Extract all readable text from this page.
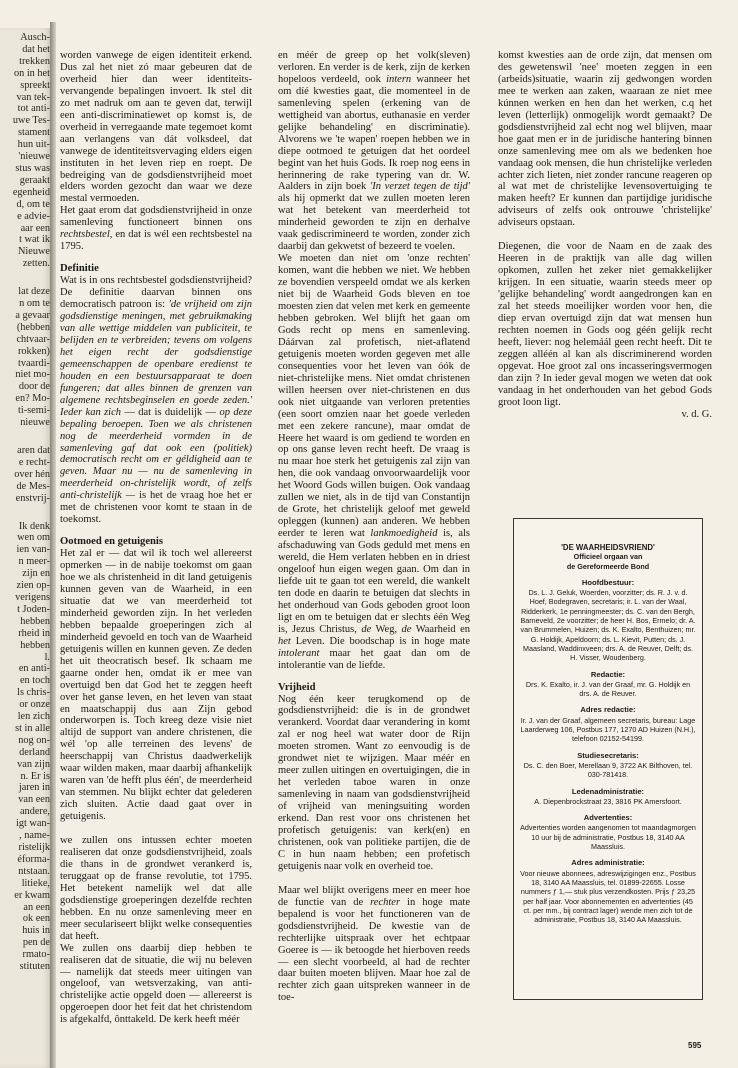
Ausch-
dat het
trekken
on in het
spreekt
van tek-
tot anti-
uwe Tes-
stament
hun uit-
'nieuwe
stus was
geraakt
egenheid
d, om te
e advie-
aar een
t wat ik
Nieuwe
zetten.

lat deze
n om te
a gevaar
(hebben
chtvaar-
rokken)
tvaardi-
niet mo-
door de
en? Mo-
ti-semi-
nieuwe

aren dat
e recht-
over hén
de Mes-
enstvrij-

Ik denk
wen om
ien van-
n meer-
zijn en
zien op-
verigens
t Joden-
hebben
rheid in
hebben
l.
en anti-
en toch
ls chris-
or onze
len zich
st in alle
nog on-
derland
van zijn
n. Er is
jaren in
van een
andere,
igt wan-
, name-
ristelijk
éforma-
ntstaan.
litieke,
er kwam
an een
ok een
huis in
pen de
rmato-
stituten

worden vanwege de eigen identiteit erkend. Dus zal het niet zó maar gebeuren dat de overheid hier dan weer identiteits- vervangende bepalingen invoert. Ik stel dit zo met nadruk om aan te geven dat, terwijl een anti-discriminatiewet op komst is, de overheid in verregaande mate tegemoet komt aan verlangens van dát volksdeel, dat vanwege de identiteitsvervaging elders eigen instituten in het leven riep en roept. De bedreiging van de godsdienstvrijheid moet elders worden gezocht dan waar we deze mestal vermoeden.

Het gaat erom dat godsdienstvrijheid in onze samenleving functioneert binnen ons rechtsbestel, en dat is wél een rechtsbestel na 1795.

Definitie

Wat is in ons rechtsbestel godsdienstvrijheid? De definitie daarvan binnen ons democratisch patroon is: 'de vrijheid om zijn godsdienstige meningen, met gebruikmaking van alle wettige middelen van publiciteit, te belijden en te verbreiden; tevens om volgens het eigen recht der godsdienstige gemeenschappen de openbare eredienst te houden en een bestuursapparaat te doen fungeren; dat alles binnen de grenzen van algemene rechtsbeginselen en goede zeden.' Ieder kan zich — dat is duidelijk — op deze bepaling beroepen. Toen we als christenen nog de meerderheid vormden in de samenleving gaf dat ook een (politiek) democratisch recht om er géldigheid aan te geven. Maar nu — nu de samenleving in meerderheid on-christelijk wordt, of zelfs anti-christelijk — is het de vraag hoe het er met de christenen voor komt te staan in de toekomst.

Ootmoed en getuigenis

Het zal er — dat wil ik toch wel allereerst opmerken — in de nabije toekomst om gaan hoe we als christenheid in dit land getuigenis kunnen geven van de Waarheid, in een situatie dat we van meerderheid tot minderheid geworden zijn. In het verleden hebben bepaalde groeperingen zich al minderheid gevoeld en toch van de Waarheid getuigenis willen en kunnen geven. Ze deden het uit theocratisch besef. Ik schaam me gaarne onder hen, omdat ik er mee van overtuigd ben dat God het te zeggen heeft over het ganse leven, en het leven van staat en maatschappij dus aan Zijn gebod onderworpen is. Toch kreeg deze visie niet altijd de support van andere christenen, die wél 'op alle terreinen des levens' de heerschappij van Christus daadwerkelijk waar wilden maken, maar daarbij afhankelijk waren van 'de hefft plus één', de meerderheid van stemmen. Nu blijkt echter dat gelederen zich sluiten. Actie daad gaat over in getuigenis.

we zullen ons intussen echter moeten realiseren dat onze godsdienstvrijheid, zoals die thans in de grondwet verankerd is, teruggaat op de franse revolutie, tot 1795. Het betekent namelijk wel dat alle godsdienstige groeperingen dezelfde rechten hebben. En nu onze samenleving meer en meer seculariseert blijkt welke consequenties dat heeft.

We zullen ons daarbij diep hebben te realiseren dat de situatie, die wij nu beleven — namelijk dat steeds meer uitingen van ongeloof, van wetsverzaking, van anti-christelijke actie opgeld doen — allereerst is opgeroepen door het feit dat het christendom is afgekalfd, ônttakeld. De kerk heeft méér

en méér de greep op het volk(sleven) verloren. En verder is de kerk, zijn de kerken hopeloos verdeeld, ook intern wanneer het om díé kwesties gaat, die momenteel in de samenleving spelen (erkening van de wettigheid van abortus, euthanasie en verder gelijke behandeling' en discriminatie). Alvorens we 'te wapen' roepen hebben we in diepe ootmoed te getuigen dat het oordeel begint van het huis Gods. Ik roep nog eens in herinnering de rake typering van dr. W. Aalders in zijn boek 'In verzet tegen de tijd' als hij opmerkt dat we zullen moeten leren wat het betekent van meerderheid tot minderheid geworden te zijn en derhalve vaak gediscrimineerd te worden, zonder zich daarbij dan gekwetst of bezeerd te voelen.

We moeten dan niet om 'onze rechten' komen, want die hebben we niet. We hebben ze bovendien verspeeld omdat we als kerken niet bij de Waarheid Gods bleven en toe moesten zien dat velen met kerk en gemeente hebben gebroken. Wel blijft het gaan om Gods recht op mens en samenleving. Dáárvan zal profetisch, niet-aflatend getuigenis moeten worden gegeven met alle consequenties voor het leven van óók de niet-christelijke mens. Niet omdat christenen willen heersen over niet-christenen en dus ook niet uitgaande van verloren pretenties (een soort omzien naar het goede verleden met een zekere rancune), maar omdat de Heere het waard is om gediend te worden en op ons ganse leven recht heeft. De vraag is nu maar hoe sterk het getuigenis zal zijn van hen, die ook vandaag onvoorwaardelijk voor het Woord Gods willen buigen. Ook vandaag zullen we niet, als in de tijd van Constantijn de Grote, het christelijk geloof met geweld opleggen (kunnen) aan anderen. We hebben eerder te leren wat lankmoedigheid is, als afschaduwing van Gods geduld met mens en wereld, die Hem verlaten hebben en in driest ongeloof hun eigen wegen gaan. Om dan in liefde uit te gaan tot een wereld, die wankelt ten dode en daarin te betuigen dat slechts in het onderhoud van Gods geboden groot loon ligt en om te betuigen dat er slechts één Weg is, Jezus Christus, de Weg, de Waarheid en het Leven. Die boodschap is in hoge mate intolerant maar het gaat dan om de intolerantie van de liefde.

Vrijheid

Nog één keer terugkomend op de godsdienstvrijheid: die is in de grondwet verankerd. Voordat daar verandering in komt zal er nog heel wat water door de Rijn moeten stromen. Want zo eenvoudig is de grondwet niet te wijzigen. Maar méér en meer zullen uitingen en overtuigingen, die in het verleden taboe waren in onze samenleving in naam van godsdienstvrijheid of vrijheid van meningsuiting worden erkend. Dan rest voor ons christenen het profetisch getuigenis: van kerk(en) en christenen, ook van politieke partijen, die de C in hun naam hebben; een profetisch getuigenis naar volk en overheid toe.

Maar wel blijkt overigens meer en meer hoe de functie van de rechter in hoge mate bepalend is voor het functioneren van de godsdienstvrijheid. De kwestie van de rechterlijke uitspraak over het echtpaar Goeree is — ik betoogde het hierboven reeds — een slecht voorbeeld, al had de rechter daar buiten moeten blijven. Maar hoe zal de rechter zich gaan uitspreken wanneer in de toe-

komst kwesties aan de orde zijn, dat mensen om des gewetenswil 'nee' moeten zeggen in een (arbeids)situatie, waarin zij gedwongen worden mee te werken aan zaken, waaraan ze niet mee kúnnen werken en hen dan het werken, c.q het leven (letterlijk) onmogelijk wordt gemaakt? De godsdienstvrijheid zal echt nog wel blijven, maar hoe gaat men er in de juridische hantering binnen onze samenleving mee om als we bedenken hoe vandaag ook mensen, die hun christelijke verleden achter zich lieten, niet zonder rancune reageren op al wat met de christelijke levensovertuiging te maken heeft? Er kunnen dan partijdige juridische adviseurs of zelfs ook ontrouwe 'christelijke' adviseurs opstaan.

Diegenen, die voor de Naam en de zaak des Heeren in de praktijk van alle dag willen opkomen, zullen het zeker niet gemakkelijker krijgen. In een situatie, waarin steeds meer op 'gelijke behandeling' wordt aangedrongen kan en zal het steeds moeilijker worden voor hen, die diep ervan overtuigd zijn dat wat mensen hun rechten noemen in Gods oog géén gelijk recht heeft, liever: nog helemáál geen recht heeft. Dit te zeggen alléén al kan als discriminerend worden opgevat. Hoe groot zal ons incasseringsvermogen dan zijn ? In ieder geval mogen we weten dat ook vandaag in het onderhouden van het gebod Gods groot loon ligt.

v. d. G.

'DE WAARHEIDSVRIEND'

Officieel orgaan van

de Gereformeerde Bond

Hoofdbestuur:

Ds. L. J. Geluk, Woerden, voorzitter; ds. R. J. v. d. Hoef, Bodegraven, secretaris; ir. L. van der Waal, Ridderkerk, 1e penningmeester; ds. C. van den Bergh, Barneveld, 2e voorzitter; de heer H. Bos, Ermelo; dr. A. van Brummelen, Huizen; ds. K. Exalto, Benthuizen; mr. G. Holdijk, Apeldoorn; ds. L. Kievit, Putten; ds. J. Maasland, Waddinxveen; drs. A. de Reuver, Delft; ds. H. Visser, Woudenberg.

Redactie:

Drs. K. Exalto, ir. J. van der Graaf, mr. G. Holdijk en drs. A. de Reuver.

Adres redactie:

Ir. J. van der Graaf, algemeen secretaris, bureau: Lage Laarderweg 106, Postbus 177, 1270 AD Huizen (N.H.), telefoon 02152-54199.

Studiesecretaris:

Ds. C. den Boer, Merellaan 9, 3722 AK Bilthoven, tel. 030-781418.

Ledenadministratie:

A. Diepenbrockstraat 23, 3816 PK Amersfoort.

Advertenties:

Advertenties worden aangenomen tot maandagmorgen 10 uur bij de administratie, Postbus 18, 3140 AA Maassluis.

Adres administratie:

Voor nieuwe abonnees, adreswijzigingen enz., Postbus 18, 3140 AA Maassluis, tel. 01899-22655. Losse nummers ƒ 1,— stuk plus verzendkosten. Prijs ƒ 23,25 per half jaar. Voor abonnementen en advertenties (45 ct. per mm., bij contract lager) wende men zich tot de administratie, Postbus 18, 3140 AA Maassluis.

595
